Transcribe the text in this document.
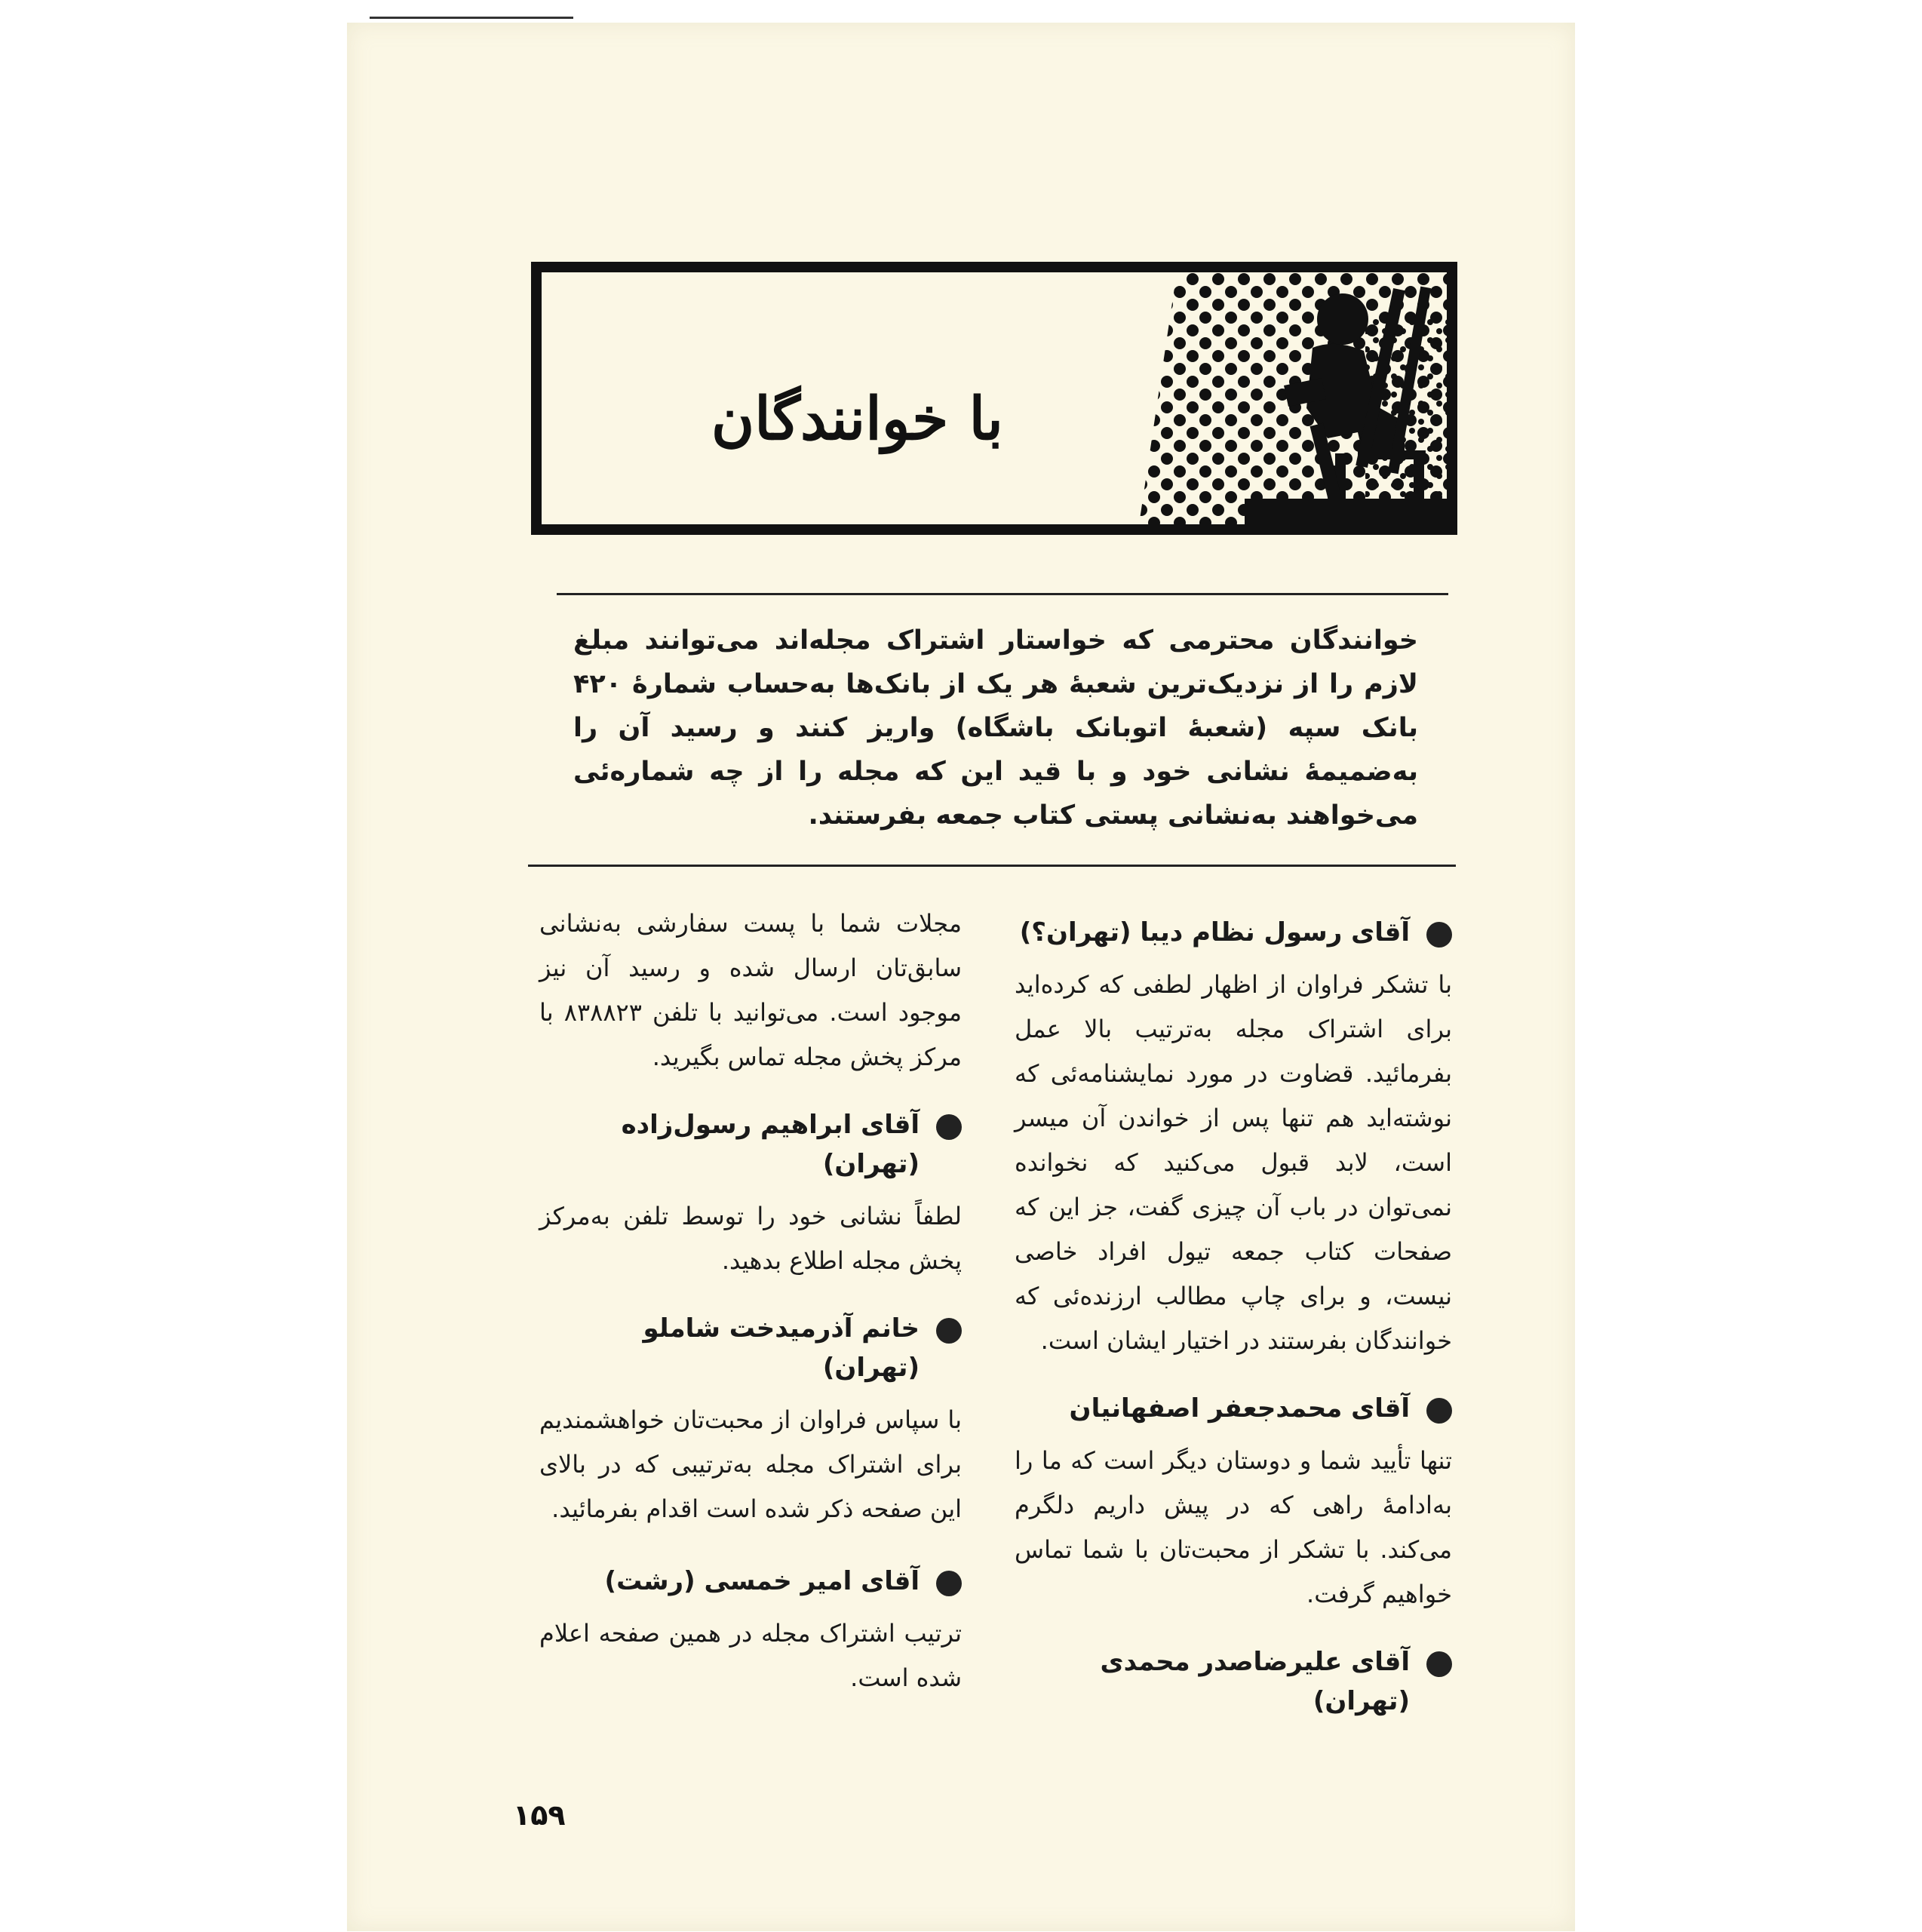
با خوانندگان
خوانندگان محترمی که خواستار اشتراک مجله‌اند می‌توانند مبلغ لازم را از نزدیک‌ترین شعبهٔ هر یک از بانک‌ها به‌حساب شمارهٔ ۴۲۰ بانک سپه (شعبهٔ اتوبانک باشگاه) واریز کنند و رسید آن را به‌ضمیمهٔ نشانی خود و با قید این که مجله را از چه شماره‌ئی می‌خواهند به‌نشانی پستی کتاب جمعه بفرستند.
آقای رسول نظام دیبا (تهران؟)
با تشکر فراوان از اظهار لطفی که کرده‌اید برای اشتراک مجله به‌ترتیب بالا عمل بفرمائید. قضاوت در مورد نمایشنامه‌ئی که نوشته‌اید هم تنها پس از خواندن آن میسر است، لابد قبول می‌کنید که نخوانده نمی‌توان در باب آن چیزی گفت، جز این که صفحات کتاب جمعه تیول افراد خاصی نیست، و برای چاپ مطالب ارزنده‌ئی که خوانندگان بفرستند در اختیار ایشان است.
آقای محمدجعفر اصفهانیان
تنها تأیید شما و دوستان دیگر است که ما را به‌ادامهٔ راهی که در پیش داریم دلگرم می‌کند. با تشکر از محبت‌تان با شما تماس خواهیم گرفت.
آقای علیرضاصدر محمدی (تهران)
مجلات شما با پست سفارشی به‌نشانی سابق‌تان ارسال شده و رسید آن نیز موجود است. می‌توانید با تلفن ۸۳۸۸۲۳ با مرکز پخش مجله تماس بگیرید.
آقای ابراهیم رسول‌زاده (تهران)
لطفاً نشانی خود را توسط تلفن به‌مرکز پخش مجله اطلاع بدهید.
خانم آذرمیدخت شاملو (تهران)
با سپاس فراوان از محبت‌تان خواهشمندیم برای اشتراک مجله به‌ترتیبی که در بالای این صفحه ذکر شده است اقدام بفرمائید.
آقای امیر خمسی (رشت)
ترتیب اشتراک مجله در همین صفحه اعلام شده است.
۱۵۹
